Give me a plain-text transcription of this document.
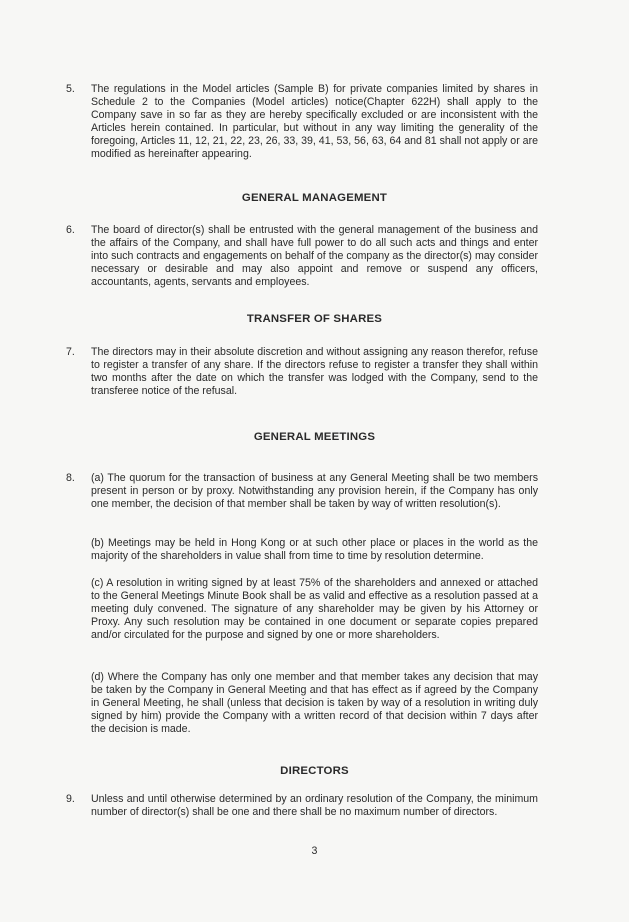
5.	The regulations in the Model articles (Sample B) for private companies limited by shares in Schedule 2 to the Companies (Model articles) notice(Chapter 622H) shall apply to the Company save in so far as they are hereby specifically excluded or are inconsistent with the Articles herein contained. In particular, but without in any way limiting the generality of the foregoing, Articles 11, 12, 21, 22, 23, 26, 33, 39, 41, 53, 56, 63, 64 and 81 shall not apply or are modified as hereinafter appearing.
GENERAL MANAGEMENT
6.	The board of director(s) shall be entrusted with the general management of the business and the affairs of the Company, and shall have full power to do all such acts and things and enter into such contracts and engagements on behalf of the company as the director(s) may consider necessary or desirable and may also appoint and remove or suspend any officers, accountants, agents, servants and employees.
TRANSFER OF SHARES
7.	The directors may in their absolute discretion and without assigning any reason therefor, refuse to register a transfer of any share. If the directors refuse to register a transfer they shall within two months after the date on which the transfer was lodged with the Company, send to the transferee notice of the refusal.
GENERAL MEETINGS
8.	(a) The quorum for the transaction of business at any General Meeting shall be two members present in person or by proxy. Notwithstanding any provision herein, if the Company has only one member, the decision of that member shall be taken by way of written resolution(s).
(b) Meetings may be held in Hong Kong or at such other place or places in the world as the majority of the shareholders in value shall from time to time by resolution determine.
(c) A resolution in writing signed by at least 75% of the shareholders and annexed or attached to the General Meetings Minute Book shall be as valid and effective as a resolution passed at a meeting duly convened. The signature of any shareholder may be given by his Attorney or Proxy. Any such resolution may be contained in one document or separate copies prepared and/or circulated for the purpose and signed by one or more shareholders.
(d) Where the Company has only one member and that member takes any decision that may be taken by the Company in General Meeting and that has effect as if agreed by the Company in General Meeting, he shall (unless that decision is taken by way of a resolution in writing duly signed by him) provide the Company with a written record of that decision within 7 days after the decision is made.
DIRECTORS
9.	Unless and until otherwise determined by an ordinary resolution of the Company, the minimum number of director(s) shall be one and there shall be no maximum number of directors.
3
